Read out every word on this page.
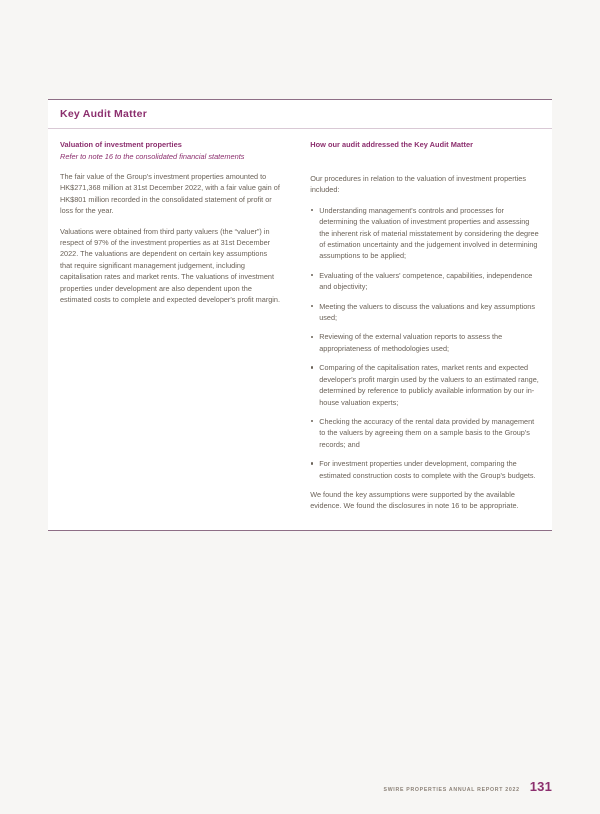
Key Audit Matter
Valuation of investment properties
Refer to note 16 to the consolidated financial statements

The fair value of the Group's investment properties amounted to HK$271,368 million at 31st December 2022, with a fair value gain of HK$801 million recorded in the consolidated statement of profit or loss for the year.

Valuations were obtained from third party valuers (the “valuer”) in respect of 97% of the investment properties as at 31st December 2022. The valuations are dependent on certain key assumptions that require significant management judgement, including capitalisation rates and market rents. The valuations of investment properties under development are also dependent upon the estimated costs to complete and expected developer's profit margin.

How our audit addressed the Key Audit Matter

Our procedures in relation to the valuation of investment properties included:

Understanding management's controls and processes for determining the valuation of investment properties and assessing the inherent risk of material misstatement by considering the degree of estimation uncertainty and the judgement involved in determining assumptions to be applied;
Evaluating of the valuers' competence, capabilities, independence and objectivity;
Meeting the valuers to discuss the valuations and key assumptions used;
Reviewing of the external valuation reports to assess the appropriateness of methodologies used;
Comparing of the capitalisation rates, market rents and expected developer's profit margin used by the valuers to an estimated range, determined by reference to publicly available information by our in-house valuation experts;
Checking the accuracy of the rental data provided by management to the valuers by agreeing them on a sample basis to the Group's records; and
For investment properties under development, comparing the estimated construction costs to complete with the Group's budgets.

We found the key assumptions were supported by the available evidence. We found the disclosures in note 16 to be appropriate.

SWIRE PROPERTIES ANNUAL REPORT 2022 131
